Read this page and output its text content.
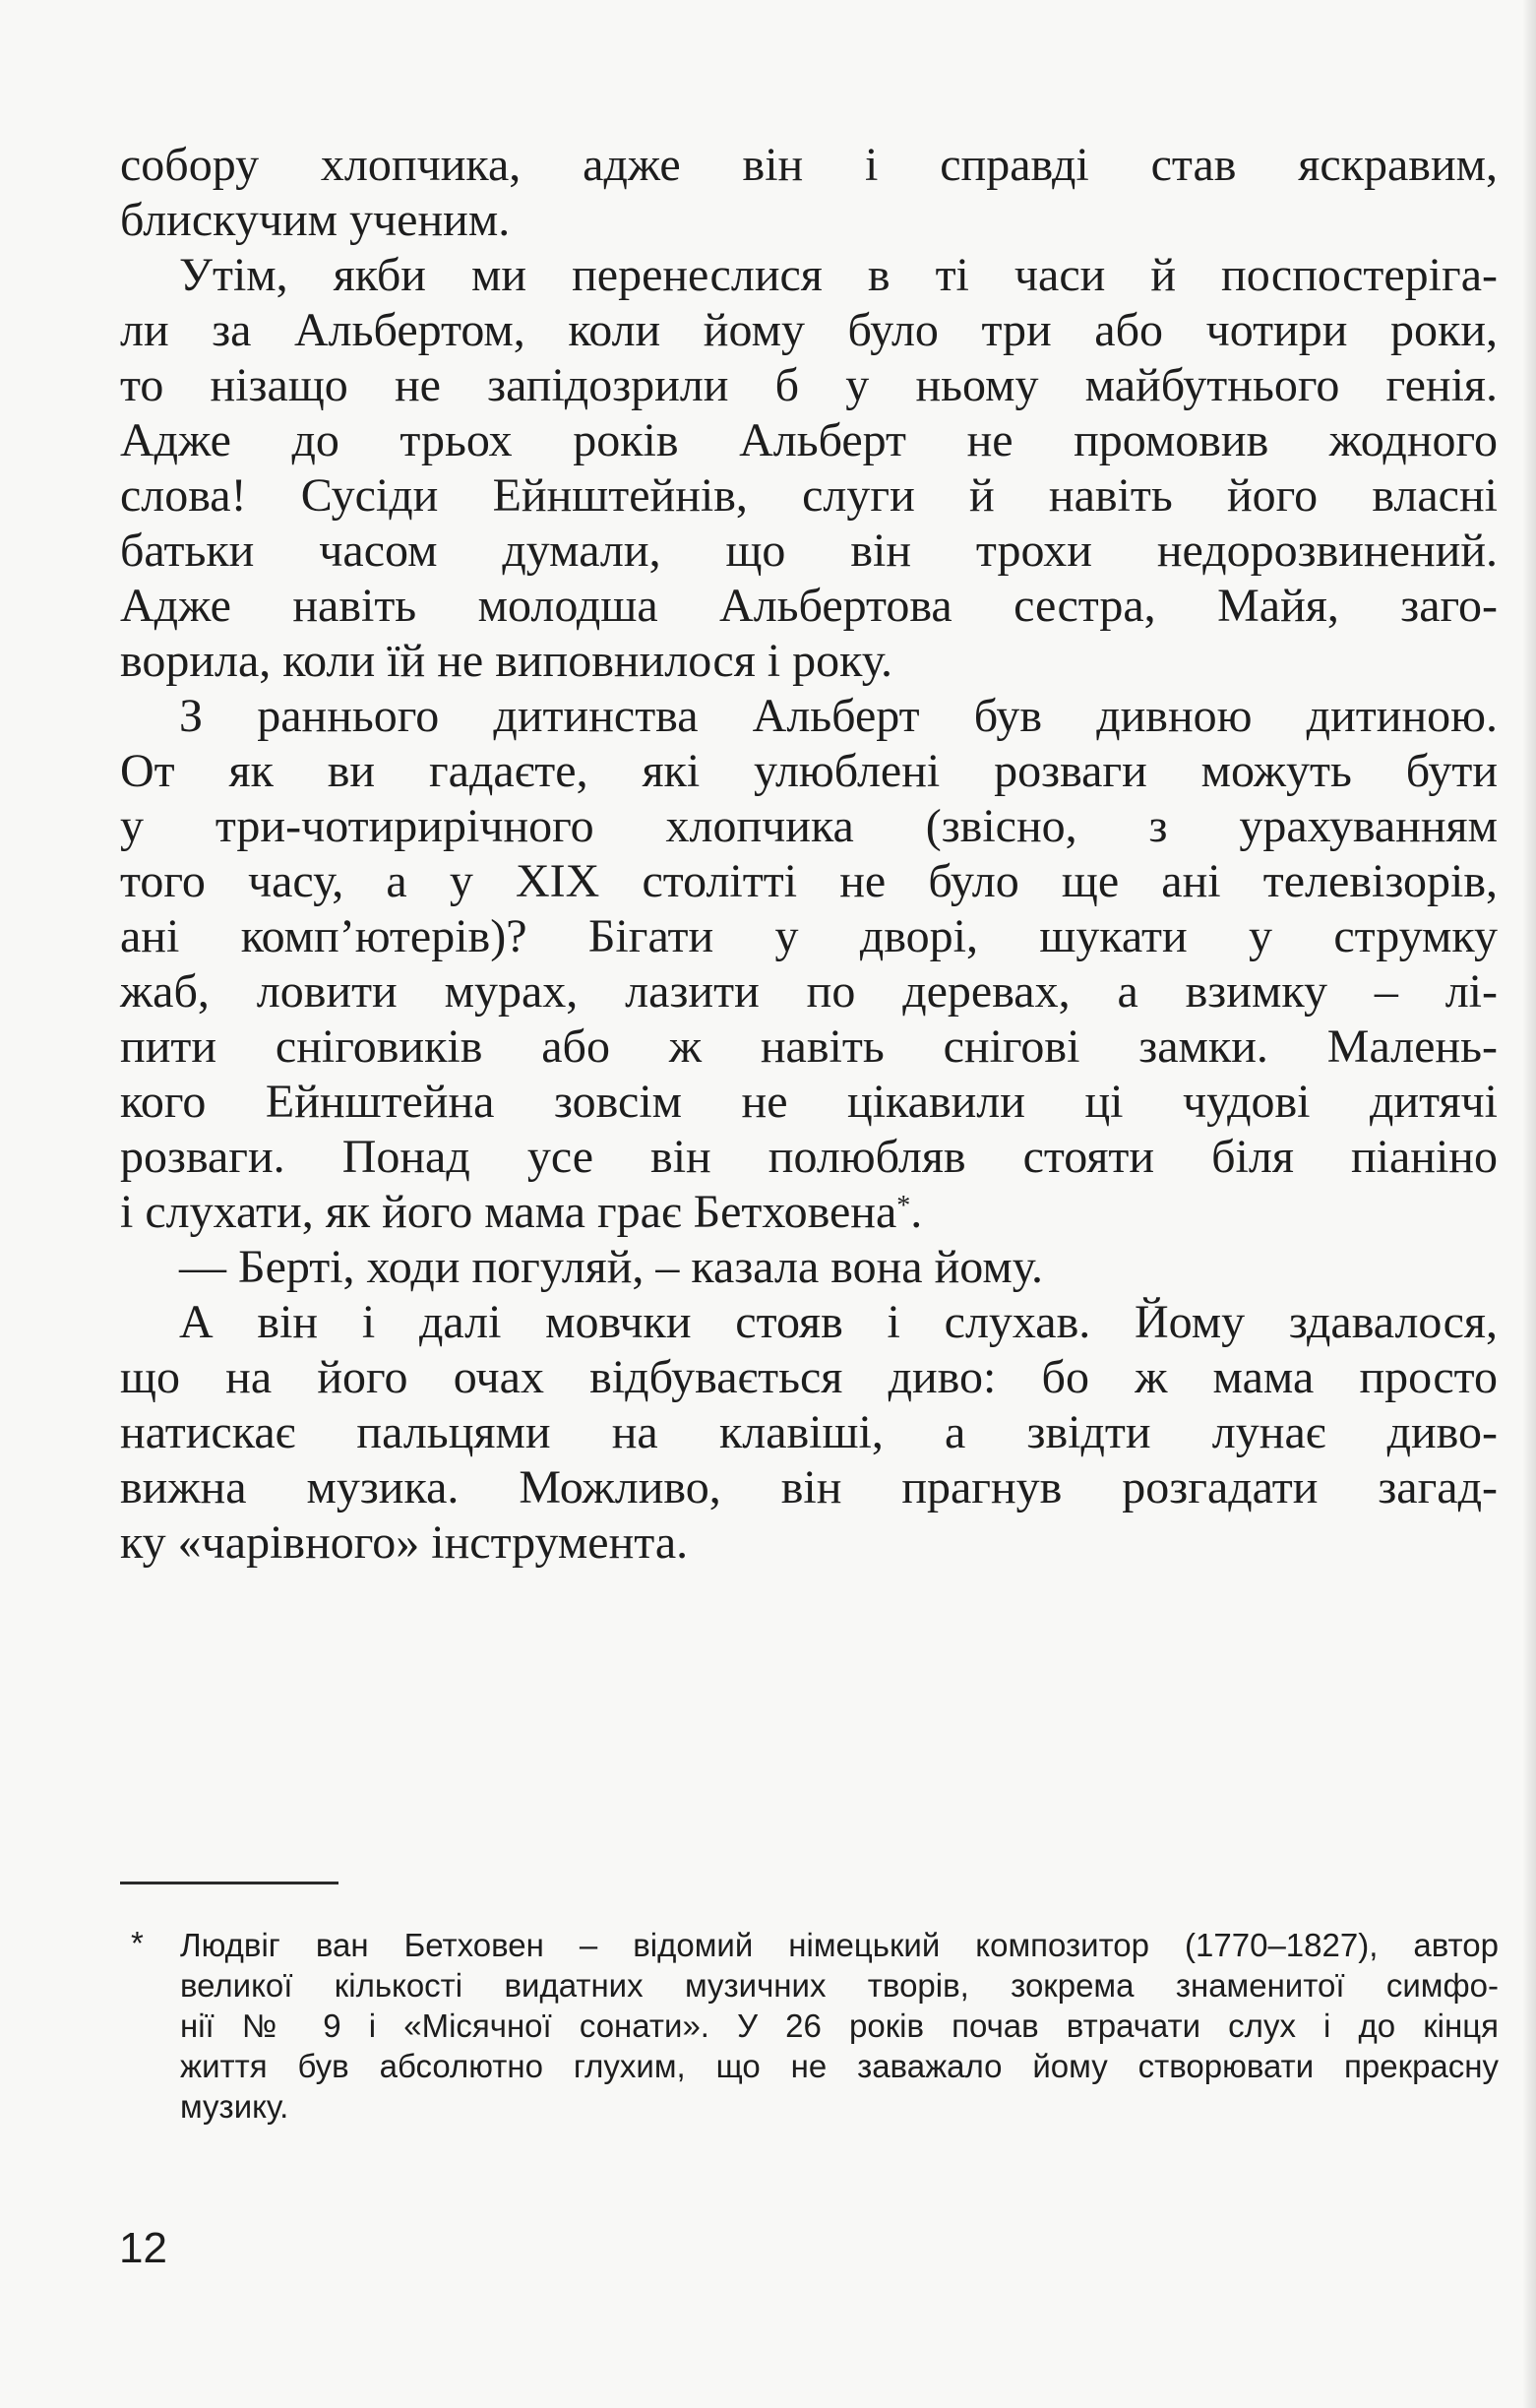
собору хлопчика, адже він і справді став яскравим,
блискучим ученим.
Утім, якби ми перенеслися в ті часи й поспостеріга-
ли за Альбертом, коли йому було три або чотири роки,
то нізащо не запідозрили б у ньому майбутнього генія.
Адже до трьох років Альберт не промовив жодного
слова! Сусіди Ейнштейнів, слуги й навіть його власні
батьки часом думали, що він трохи недорозвинений.
Адже навіть молодша Альбертова сестра, Майя, заго-
ворила, коли їй не виповнилося і року.
З раннього дитинства Альберт був дивною дитиною.
От як ви гадаєте, які улюблені розваги можуть бути
у три-чотирирічного хлопчика (звісно, з урахуванням
того часу, а у XIX столітті не було ще ані телевізорів,
ані комп’ютерів)? Бігати у дворі, шукати у струмку
жаб, ловити мурах, лазити по деревах, а взимку – лі-
пити сніговиків або ж навіть снігові замки. Малень-
кого Ейнштейна зовсім не цікавили ці чудові дитячі
розваги. Понад усе він полюбляв стояти біля піаніно
і слухати, як його мама грає Бетховена*.
— Берті, ходи погуляй, – казала вона йому.
А він і далі мовчки стояв і слухав. Йому здавалося,
що на його очах відбувається диво: бо ж мама просто
натискає пальцями на клавіші, а звідти лунає диво-
вижна музика. Можливо, він прагнув розгадати загад-
ку «чарівного» інструмента.
*	Людвіг ван Бетховен – відомий німецький композитор (1770–1827), автор
великої кількості видатних музичних творів, зокрема знаменитої симфо-
нії № 9 і «Місячної сонати». У 26 років почав втрачати слух і до кінця
життя був абсолютно глухим, що не заважало йому створювати прекрасну
музику.
12
